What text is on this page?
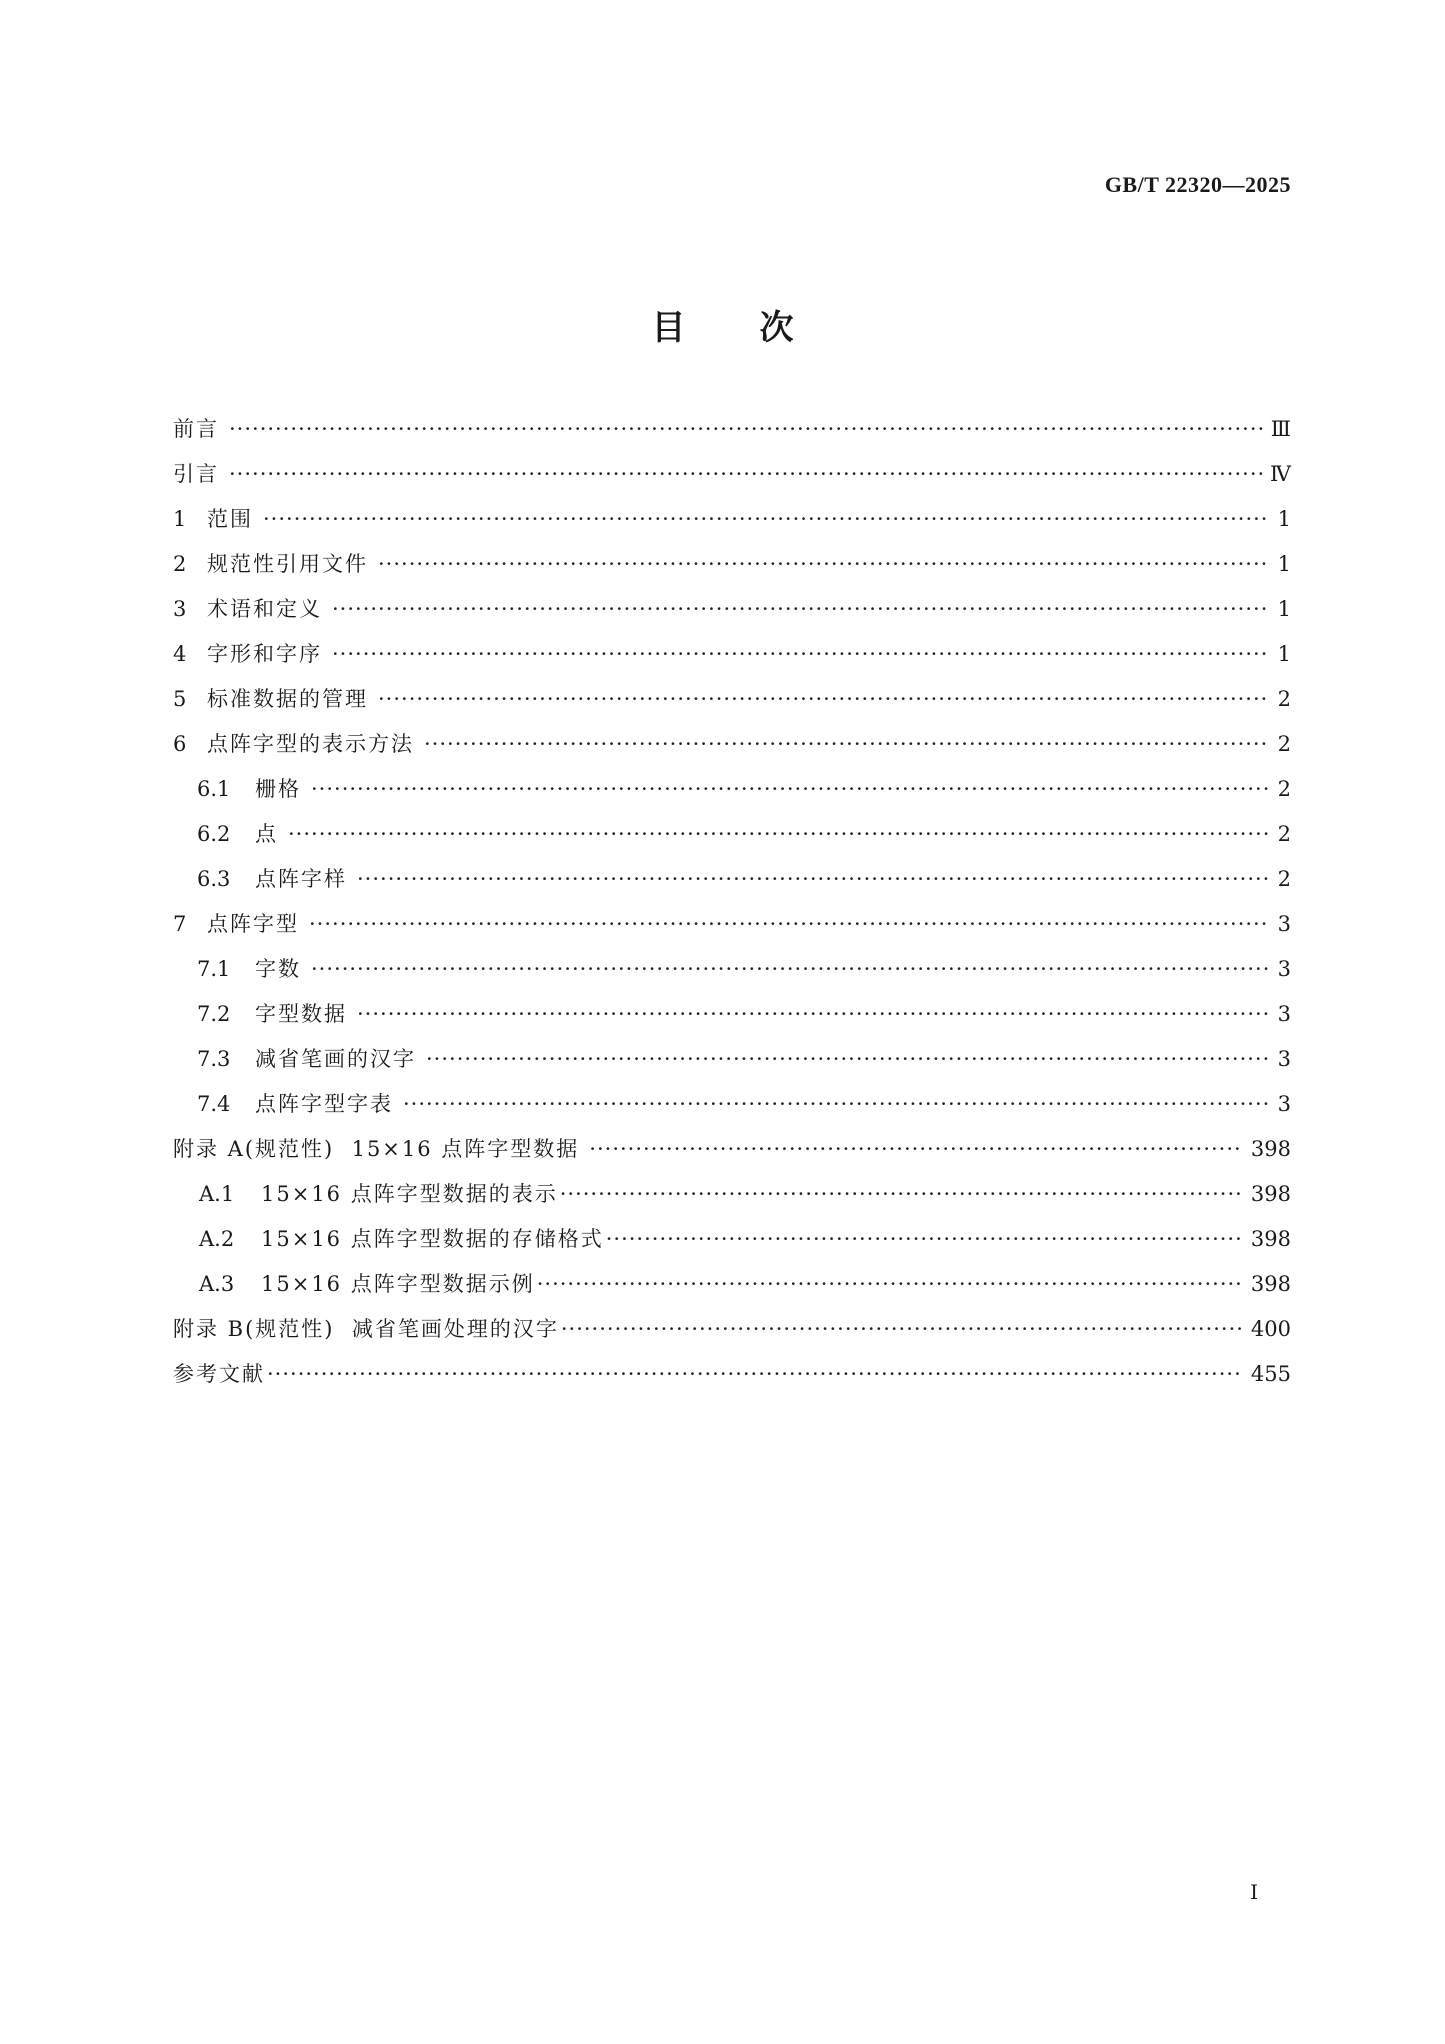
GB/T 22320—2025
目次
前言 ·····	Ⅲ
引言 ·····	Ⅳ
1 范围 ·····	1
2 规范性引用文件 ·····	1
3 术语和定义 ·····	1
4 字形和字序 ·····	1
5 标准数据的管理 ·····	2
6 点阵字型的表示方法 ·····	2
6.1	栅格 ·····	2
6.2	点 ·····	2
6.3	点阵字样 ·····	2
7 点阵字型 ·····	3
7.1	字数 ·····	3
7.2	字型数据 ·····	3
7.3	减省笔画的汉字 ·····	3
7.4	点阵字型字表 ·····	3
附录 A(规范性)  15×16 点阵字型数据 ·····	398
A.1	15×16 点阵字型数据的表示 ·····	398
A.2	15×16 点阵字型数据的存储格式 ·····	398
A.3	15×16 点阵字型数据示例 ·····	398
附录 B(规范性)  减省笔画处理的汉字 ·····	400
参考文献 ·····	455
I
